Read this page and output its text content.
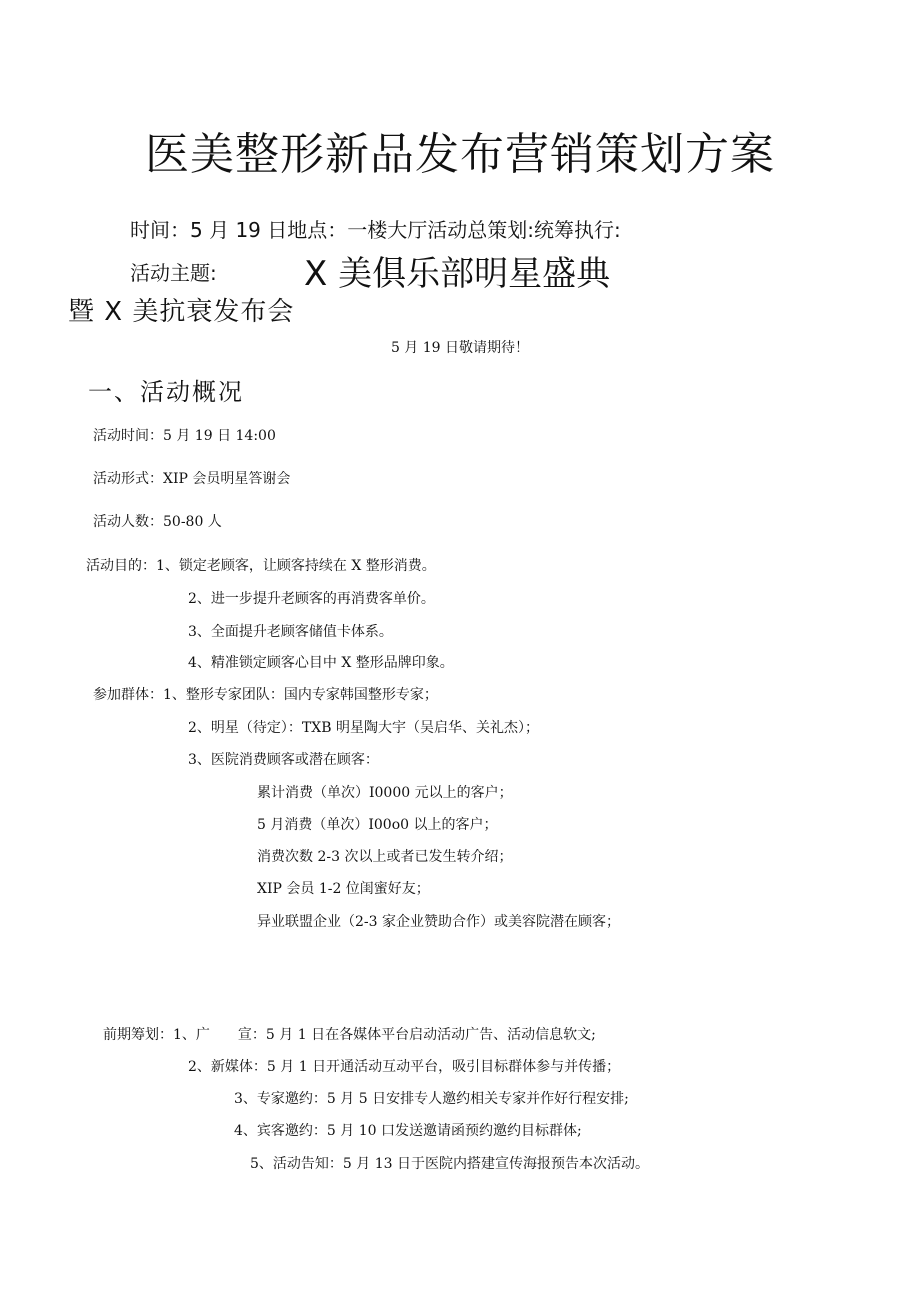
医美整形新品发布营销策划方案
时间：5 月 19 日地点：一楼大厅活动总策划:统筹执行:
活动主题:	X 美俱乐部明星盛典
暨 X 美抗衰发布会
5 月 19 日敬请期待！
一、活动概况
活动时间：5 月 19 日 14:00
活动形式：XIP 会员明星答谢会
活动人数：50-80 人
活动目的：1、锁定老顾客，让顾客持续在 X 整形消费。
2、进一步提升老顾客的再消费客单价。
3、全面提升老顾客储值卡体系。
4、精准锁定顾客心目中 X 整形品牌印象。
参加群体：1、整形专家团队：国内专家韩国整形专家；
2、明星（待定）：TXB 明星陶大宇（吴启华、关礼杰）；
3、医院消费顾客或潜在顾客：
累计消费（单次）I0000 元以上的客户；
5 月消费（单次）I00o0 以上的客户；
消费次数 2-3 次以上或者已发生转介绍；
XIP 会员 1-2 位闺蜜好友；
异业联盟企业（2-3 家企业赞助合作）或美容院潜在顾客；
前期筹划：1、广　　宣：5 月 1 日在各媒体平台启动活动广告、活动信息软文;
2、新媒体：5 月 1 日开通活动互动平台，吸引目标群体参与并传播；
3、专家邀约：5 月 5 日安排专人邀约相关专家并作好行程安排;
4、宾客邀约：5 月 10 口发送邀请函预约邀约目标群体;
5、活动告知：5 月 13 日于医院内搭建宣传海报预告本次活动。
